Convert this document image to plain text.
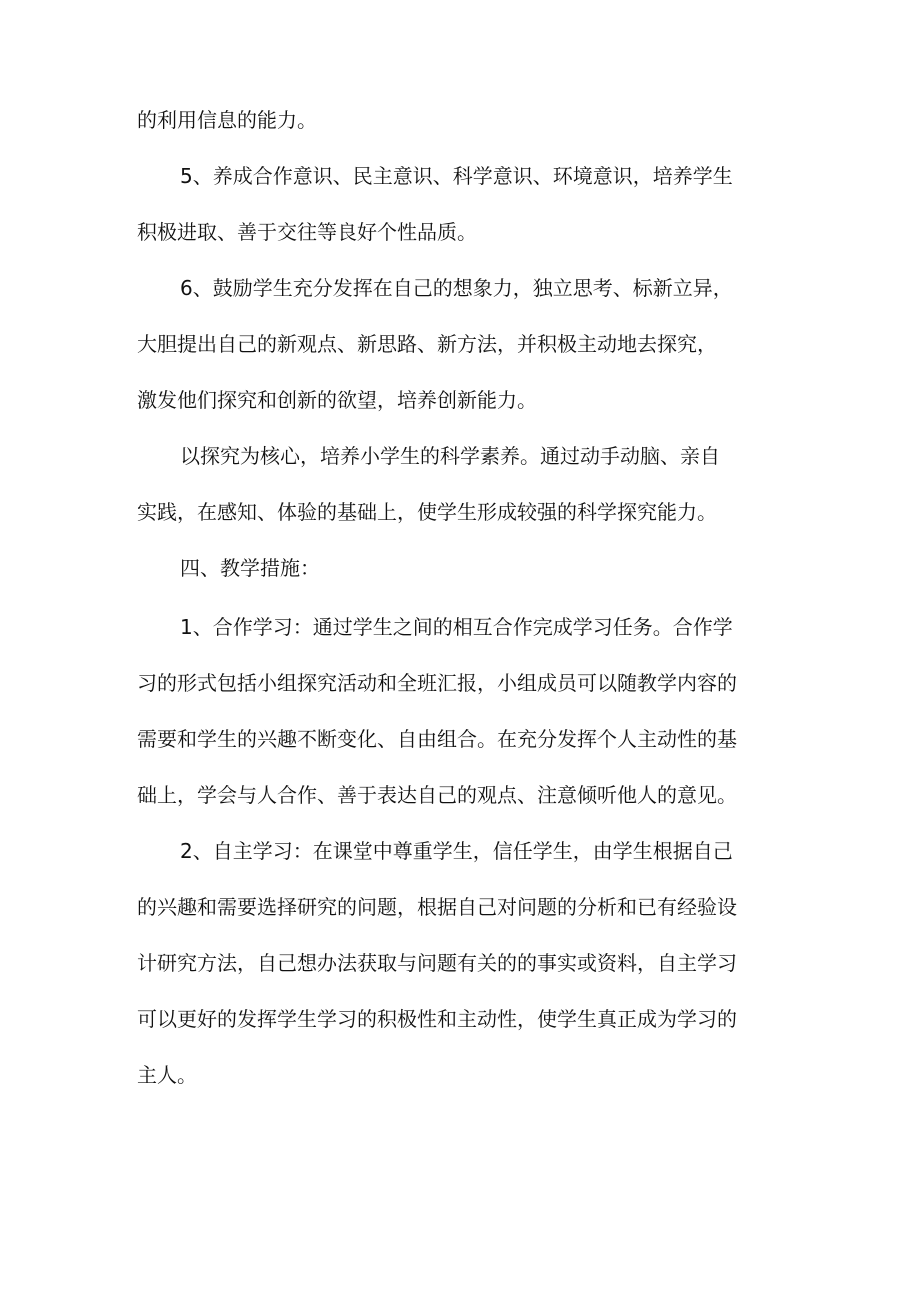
的利用信息的能力。
5、养成合作意识、民主意识、科学意识、环境意识，培养学生
积极进取、善于交往等良好个性品质。
6、鼓励学生充分发挥在自己的想象力，独立思考、标新立异，
大胆提出自己的新观点、新思路、新方法，并积极主动地去探究，
激发他们探究和创新的欲望，培养创新能力。
以探究为核心，培养小学生的科学素养。通过动手动脑、亲自
实践，在感知、体验的基础上，使学生形成较强的科学探究能力。
四、教学措施：
1、合作学习：通过学生之间的相互合作完成学习任务。合作学
习的形式包括小组探究活动和全班汇报，小组成员可以随教学内容的
需要和学生的兴趣不断变化、自由组合。在充分发挥个人主动性的基
础上，学会与人合作、善于表达自己的观点、注意倾听他人的意见。
2、自主学习：在课堂中尊重学生，信任学生，由学生根据自己
的兴趣和需要选择研究的问题，根据自己对问题的分析和已有经验设
计研究方法，自己想办法获取与问题有关的的事实或资料，自主学习
可以更好的发挥学生学习的积极性和主动性，使学生真正成为学习的
主人。
